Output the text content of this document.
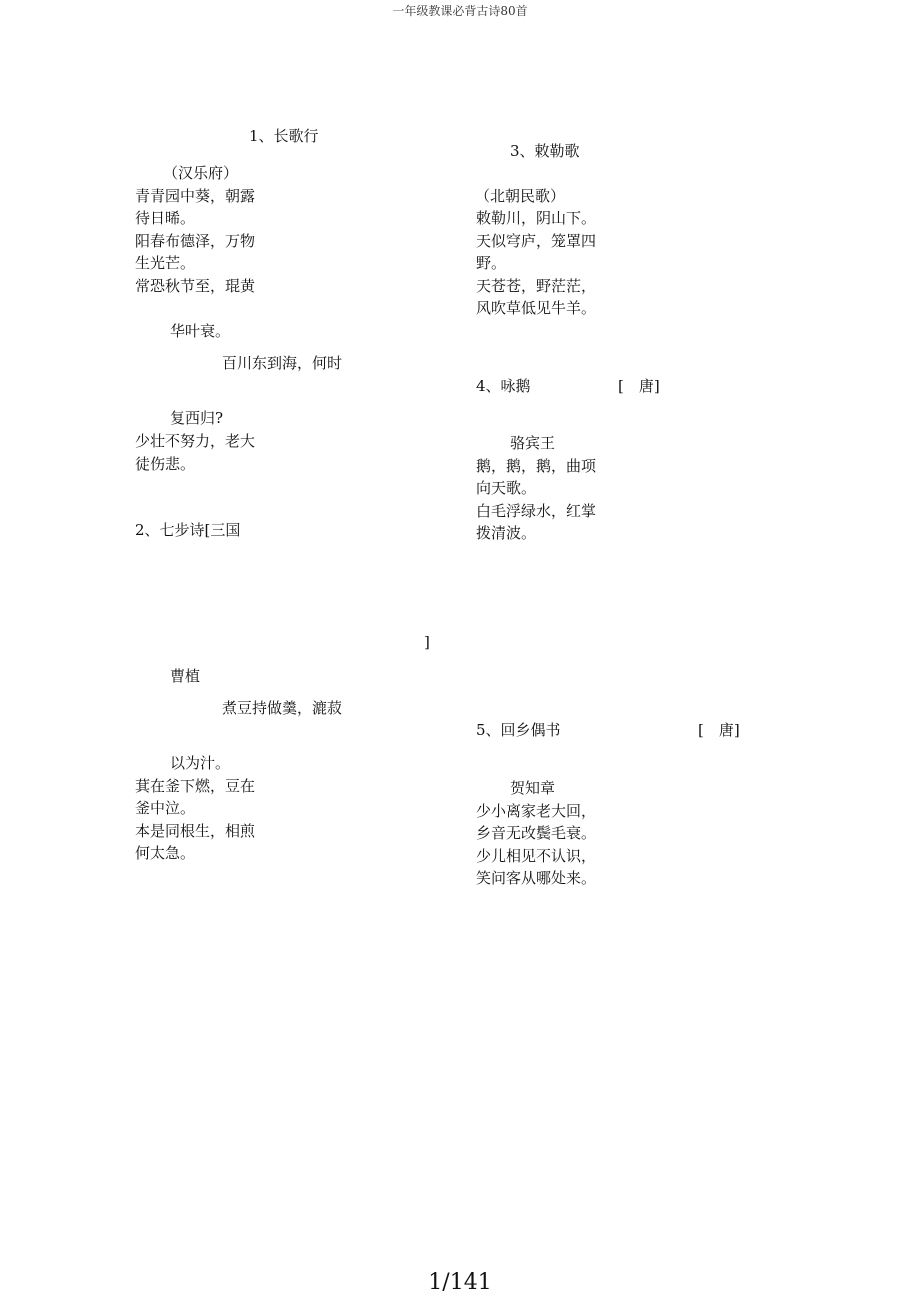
一年级教课必背古诗80首
1、长歌行
（汉乐府）
青青园中葵，朝露
待日晞。
阳春布德泽，万物
生光芒。
常恐秋节至，琨黄
华叶衰。
百川东到海，何时
复西归?
少壮不努力，老大
徒伤悲。
2、七步诗[三国
]
曹植
煮豆持做羹，漉菽
以为汁。
萁在釜下燃，豆在
釜中泣。
本是同根生，相煎
何太急。
3、敕勒歌
（北朝民歌）
敕勒川，阴山下。
天似穹庐，笼罩四
野。
天苍苍，野茫茫，
风吹草低见牛羊。
4、咏鹅	[　唐]
骆宾王
鹅，鹅，鹅，曲项
向天歌。
白毛浮绿水，红掌
拨清波。
5、回乡偶书	[　唐]
贺知章
少小离家老大回，
乡音无改鬓毛衰。
少儿相见不认识，
笑问客从哪处来。
1/141
